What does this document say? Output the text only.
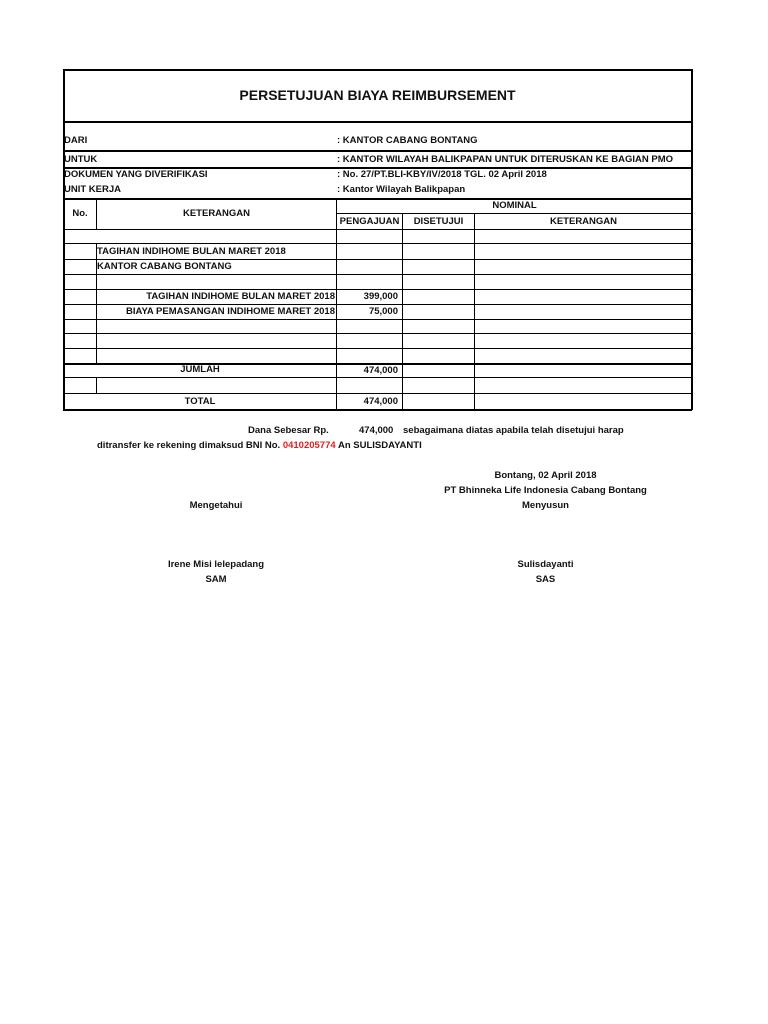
PERSETUJUAN BIAYA REIMBURSEMENT
DARI	: KANTOR CABANG BONTANG
UNTUK	: KANTOR WILAYAH BALIKPAPAN UNTUK DITERUSKAN KE BAGIAN PMO
DOKUMEN YANG DIVERIFIKASI	: No. 27/PT.BLI-KBY/IV/2018 TGL. 02 April 2018
UNIT KERJA	: Kantor Wilayah Balikpapan
No.	KETERANGAN
NOMINAL
PENGAJUAN	DISETUJUI	KETERANGAN
TAGIHAN INDIHOME BULAN MARET 2018
KANTOR CABANG BONTANG
TAGIHAN INDIHOME BULAN MARET 2018	399,000
BIAYA PEMASANGAN INDIHOME MARET 2018	75,000
JUMLAH	474,000
TOTAL	474,000
Dana Sebesar Rp.	474,000 sebagaimana diatas apabila telah disetujui harap
ditransfer ke rekening dimaksud BNI No. 0410205774 An SULISDAYANTI
Bontang, 02 April 2018
PT Bhinneka Life Indonesia Cabang Bontang
Mengetahui	Menyusun
Irene Misi lelepadang
SAM
Sulisdayanti
SAS
